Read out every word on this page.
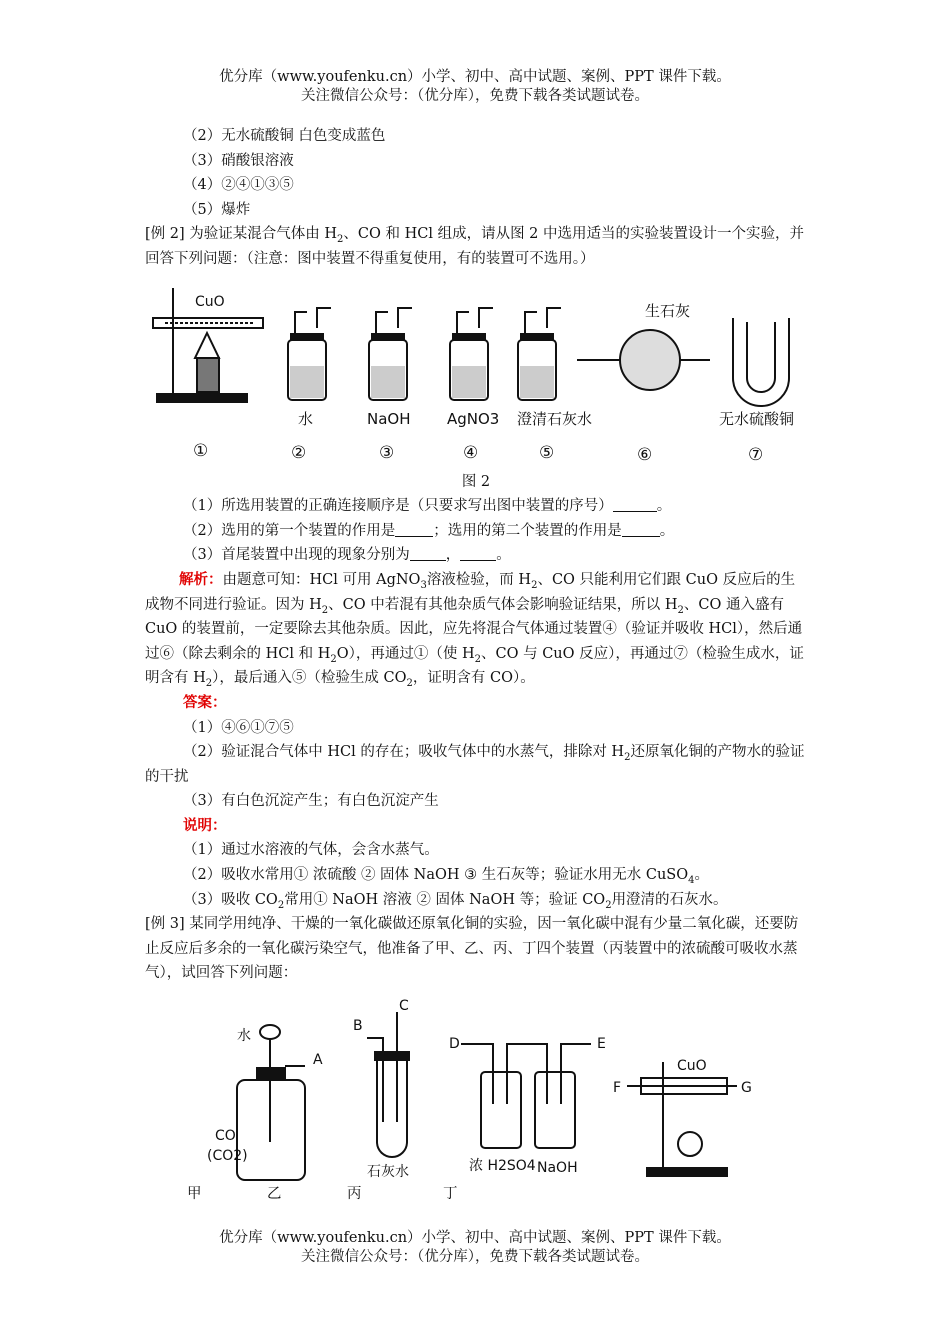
优分库（www.youfenku.cn）小学、初中、高中试题、案例、PPT 课件下载。
关注微信公众号：（优分库），免费下载各类试题试卷。
（2）无水硫酸铜 白色变成蓝色
（3）硝酸银溶液
（4）②④①③⑤
（5）爆炸
[例 2] 为验证某混合气体由 $H_2$、CO 和 HCl 组成，请从图 2 中选用适当的实验装置设计一个实验，并回答下列问题：（注意：图中装置不得重复使用，有的装置可不选用。）
CuO
水	NaOH AgNO3 澄清石灰水
生石灰
无水硫酸铜
①	②	③	④	⑤	⑥	⑦
图 2
（1）所选用装置的正确连接顺序是（只要求写出图中装置的序号）	。
（2）选用的第一个装置的作用是	；选用的第二个装置的作用是	。
（3）首尾装置中出现的现象分别为 ， 。
解析：由题意可知：HCl 可用 AgNO$_3$溶液检验，而 $H_2$、CO 只能利用它们跟 CuO 反应后的生成物不同进行验证。因为 $H_2$、CO 中若混有其他杂质气体会影响验证结果，所以 $H_2$、CO 通入盛有 CuO 的装置前，一定要除去其他杂质。因此，应先将混合气体通过装置④（验证并吸收 HCl），然后通过⑥（除去剩余的 HCl 和 $H_2O$），再通过①（使 $H_2$、CO 与 CuO 反应），再通过⑦（检验生成水，证明含有 $H_2$），最后通入⑤（检验生成 $CO_2$，证明含有 CO）。
答案：
（1）④⑥①⑦⑤
（2）验证混合气体中 HCl 的存在；吸收气体中的水蒸气，排除对 $H_2$还原氧化铜的产物水的验证的干扰
（3）有白色沉淀产生；有白色沉淀产生
说明：
（1）通过水溶液的气体，会含水蒸气。
（2）吸收水常用① 浓硫酸 ② 固体 NaOH ③ 生石灰等；验证水用无水 CuSO$_4$。
（3）吸收 $CO_2$常用① NaOH 溶液 ② 固体 NaOH 等；验证 $CO_2$用澄清的石灰水。
[例 3] 某同学用纯净、干燥的一氧化碳做还原氧化铜的实验，因一氧化碳中混有少量二氧化碳，还要防止反应后多余的一氧化碳污染空气，他准备了甲、乙、丙、丁四个装置（丙装置中的浓硫酸可吸收水蒸气），试回答下列问题：
水
A
CO
(CO2)
B
C
石灰水
D	E
浓 H2SO4 NaOH
CuO
F	G
甲	乙	丙	丁
优分库（www.youfenku.cn）小学、初中、高中试题、案例、PPT 课件下载。
关注微信公众号：（优分库），免费下载各类试题试卷。
